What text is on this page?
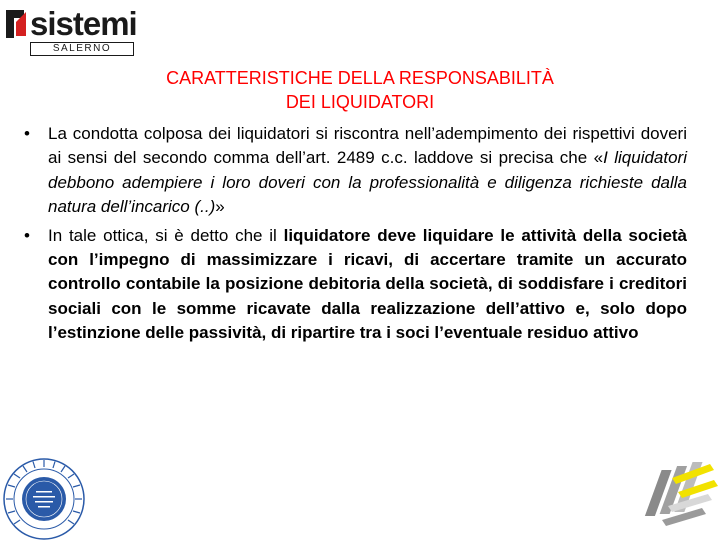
sistemi
SALERNO
CARATTERISTICHE DELLA RESPONSABILITÀ
DEI LIQUIDATORI
• La condotta colposa dei liquidatori si riscontra nell’adempimento dei rispettivi doveri ai sensi del secondo comma dell’art. 2489 c.c. laddove si precisa che «I liquidatori debbono adempiere i loro doveri con la professionalità e diligenza richieste dalla natura dell’incarico (..)»

• In tale ottica, si è detto che il liquidatore deve liquidare le attività della società con l’impegno di massimizzare i ricavi, di accertare tramite un accurato controllo contabile la posizione debitoria della società, di soddisfare i creditori sociali con le somme ricavate dalla realizzazione dell’attivo e, solo dopo l’estinzione delle passività, di ripartire tra i soci l’eventuale residuo attivo
